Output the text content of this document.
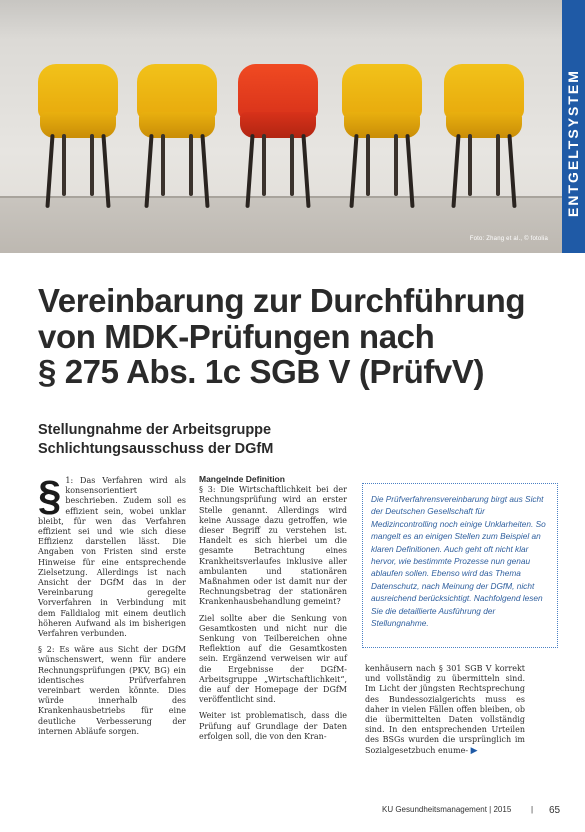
Foto: Zhang et al., © fotolia
ENTGELTSYSTEM
Vereinbarung zur Durchführung
von MDK-Prüfungen nach
§ 275 Abs. 1c SGB V (PrüfvV)
Stellungnahme der Arbeitsgruppe
Schlichtungsausschuss der DGfM

§ 1: Das Verfahren wird als konsensorientiert beschrieben. Zudem soll es effizient sein, wobei unklar bleibt, für wen das Verfahren effizient sei und wie sich diese Effizienz darstellen lässt. Die Angaben von Fristen sind erste Hinweise für eine entsprechende Zielsetzung. Allerdings ist nach Ansicht der DGfM das in der Vereinbarung geregelte Vorverfahren in Verbindung mit dem Falldialog mit einem deutlich höheren Aufwand als im bisherigen Verfahren verbunden.

§ 2: Es wäre aus Sicht der DGfM wünschenswert, wenn für andere Rechnungsprüfungen (PKV, BG) ein identisches Prüfverfahren vereinbart werden könnte. Dies würde innerhalb des Krankenhausbetriebs für eine deutliche Verbesserung der internen Abläufe sorgen.

Mangelnde Definition

§ 3: Die Wirtschaftlichkeit bei der Rechnungsprüfung wird an erster Stelle genannt. Allerdings wird keine Aussage dazu getroffen, wie dieser Begriff zu verstehen ist. Handelt es sich hierbei um die gesamte Betrachtung eines Krankheitsverlaufes inklusive aller ambulanten und stationären Maßnahmen oder ist damit nur der Rechnungsbetrag der stationären Krankenhausbehandlung gemeint?

Ziel sollte aber die Senkung von Gesamtkosten und nicht nur die Senkung von Teilbereichen ohne Reflektion auf die Gesamtkosten sein. Ergänzend verweisen wir auf die Ergebnisse der DGfM-Arbeitsgruppe „Wirtschaftlichkeit“, die auf der Homepage der DGfM veröffentlicht sind.

Weiter ist problematisch, dass die Prüfung auf Grundlage der Daten erfolgen soll, die von den Kran-

Die Prüfverfahrensvereinbarung birgt aus Sicht der Deutschen Gesellschaft für Medizincontrolling noch einige Unklarheiten. So mangelt es an einigen Stellen zum Beispiel an klaren Definitionen. Auch geht oft nicht klar hervor, wie bestimmte Prozesse nun genau ablaufen sollen. Ebenso wird das Thema Datenschutz, nach Meinung der DGfM, nicht ausreichend berücksichtigt. Nachfolgend lesen Sie die detaillierte Ausführung der Stellungnahme.

kenhäusern nach § 301 SGB V korrekt und vollständig zu übermitteln sind. Im Licht der jüngsten Rechtsprechung des Bundessozialgerichts muss es daher in vielen Fällen offen bleiben, ob die übermittelten Daten vollständig sind. In den entsprechenden Urteilen des BSGs wurden die ursprünglich im Sozialgesetzbuch enume- ▶

KU Gesundheitsmanagement | 2015 | 65
